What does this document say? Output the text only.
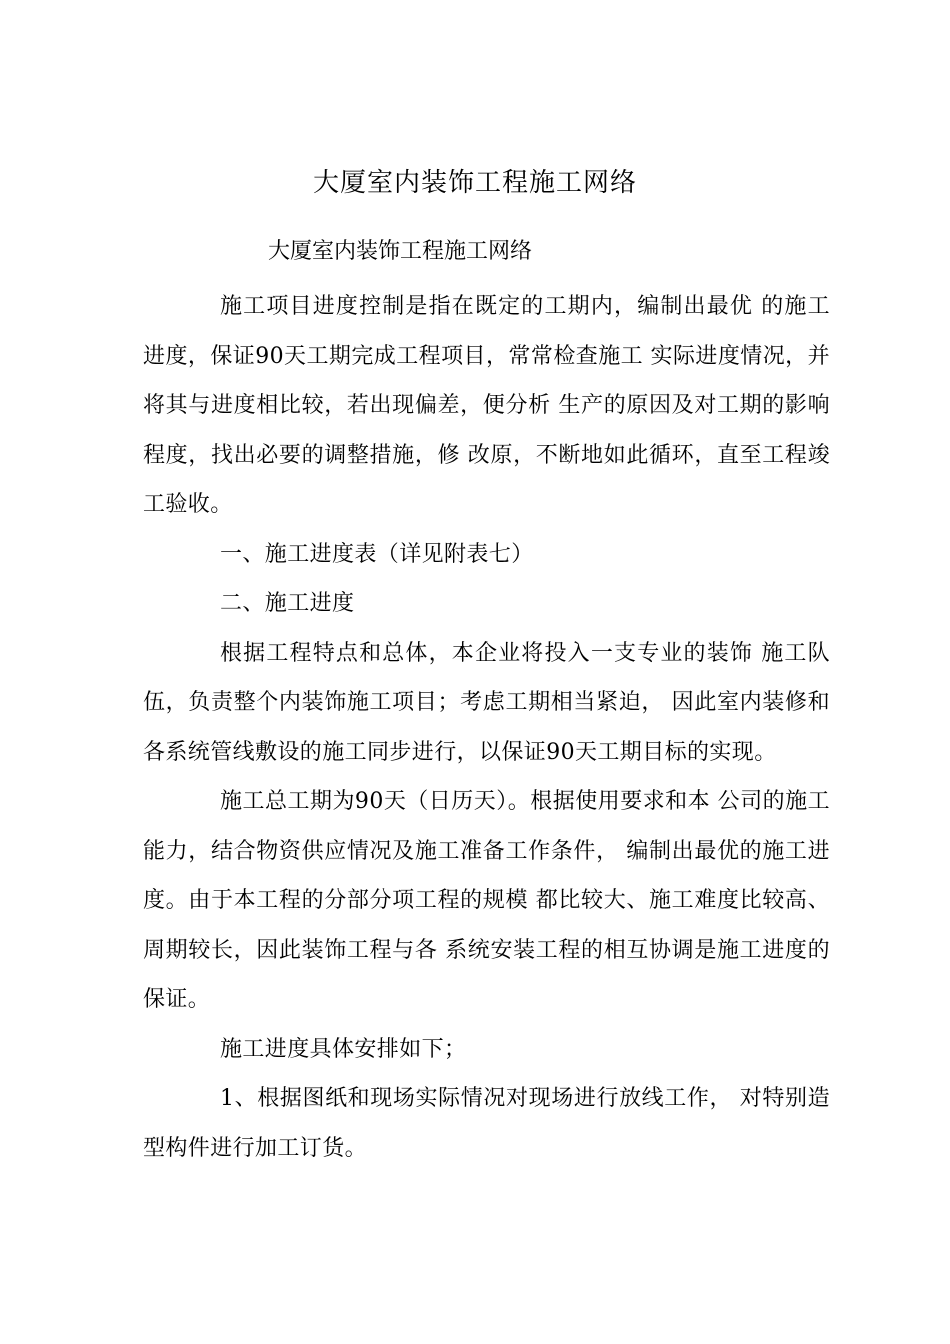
大厦室内装饰工程施工网络
大厦室内装饰工程施工网络

施工项目进度控制是指在既定的工期内，编制出最优 的施工进度，保证90天工期完成工程项目，常常检查施工 实际进度情况，并将其与进度相比较，若出现偏差，便分析 生产的原因及对工期的影响程度，找出必要的调整措施，修 改原，不断地如此循环，直至工程竣工验收。

一、施工进度表（详见附表七）

二、施工进度

根据工程特点和总体，本企业将投入一支专业的装饰 施工队伍，负责整个内装饰施工项目；考虑工期相当紧迫， 因此室内装修和各系统管线敷设的施工同步进行，以保证90天工期目标的实现。

施工总工期为90天（日历天）。根据使用要求和本 公司的施工能力，结合物资供应情况及施工准备工作条件， 编制出最优的施工进度。由于本工程的分部分项工程的规模 都比较大、施工难度比较高、周期较长，因此装饰工程与各 系统安装工程的相互协调是施工进度的保证。

施工进度具体安排如下；

1、根据图纸和现场实际情况对现场进行放线工作， 对特别造型构件进行加工订货。
